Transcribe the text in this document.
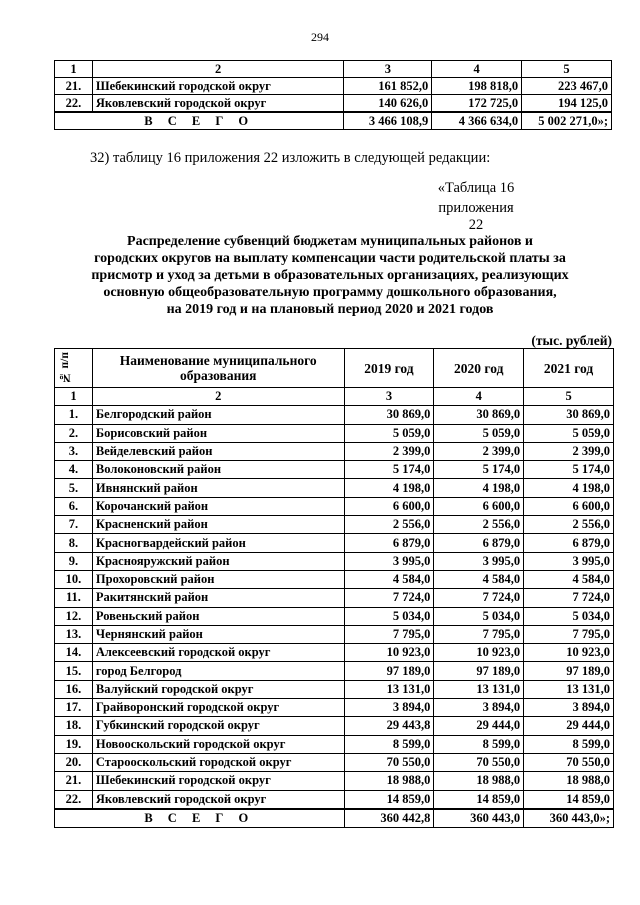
294
1	2	3	4	5
21.	Шебекинский городской округ	161 852,0	198 818,0	223 467,0
22.	Яковлевский городской округ	140 626,0	172 725,0	194 125,0
В С Е Г О		3 466 108,9	4 366 634,0	5 002 271,0»;
32) таблицу 16 приложения 22 изложить в следующей редакции:
«Таблица 16
приложения 22
Распределение субвенций бюджетам муниципальных районов и
городских округов на выплату компенсации части родительской платы за
присмотр и уход за детьми в образовательных организациях, реализующих
основную общеобразовательную программу дошкольного образования,
на 2019 год и на плановый период 2020 и 2021 годов
(тыс. рублей)
№ п/п	Наименование муниципального образования	2019 год	2020 год	2021 год
1	2	3	4	5
1.	Белгородский район	30 869,0	30 869,0	30 869,0
2.	Борисовский район	5 059,0	5 059,0	5 059,0
3.	Вейделевский район	2 399,0	2 399,0	2 399,0
4.	Волоконовский район	5 174,0	5 174,0	5 174,0
5.	Ивнянский район	4 198,0	4 198,0	4 198,0
6.	Корочанский район	6 600,0	6 600,0	6 600,0
7.	Красненский район	2 556,0	2 556,0	2 556,0
8.	Красногвардейский район	6 879,0	6 879,0	6 879,0
9.	Краснояружский район	3 995,0	3 995,0	3 995,0
10.	Прохоровский район	4 584,0	4 584,0	4 584,0
11.	Ракитянский район	7 724,0	7 724,0	7 724,0
12.	Ровеньский район	5 034,0	5 034,0	5 034,0
13.	Чернянский район	7 795,0	7 795,0	7 795,0
14.	Алексеевский городской округ	10 923,0	10 923,0	10 923,0
15.	город Белгород	97 189,0	97 189,0	97 189,0
16.	Валуйский городской округ	13 131,0	13 131,0	13 131,0
17.	Грайворонский городской округ	3 894,0	3 894,0	3 894,0
18.	Губкинский городской округ	29 443,8	29 444,0	29 444,0
19.	Новооскольский городской округ	8 599,0	8 599,0	8 599,0
20.	Старооскольский городской округ	70 550,0	70 550,0	70 550,0
21.	Шебекинский городской округ	18 988,0	18 988,0	18 988,0
22.	Яковлевский городской округ	14 859,0	14 859,0	14 859,0
В С Е Г О		360 442,8	360 443,0	360 443,0»;
